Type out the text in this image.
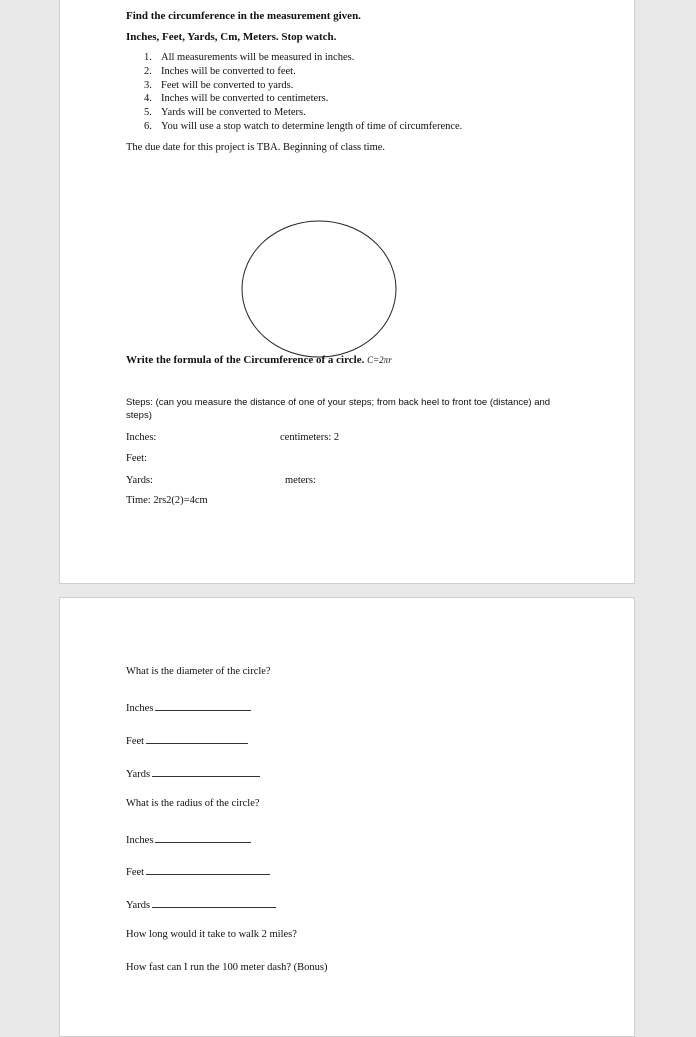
Find the circumference in the measurement given.
Inches, Feet, Yards, Cm, Meters. Stop watch.
1. All measurements will be measured in inches.
2. Inches will be converted to feet.
3. Feet will be converted to yards.
4. Inches will be converted to centimeters.
5. Yards will be converted to Meters.
6. You will use a stop watch to determine length of time of circumference.
The due date for this project is TBA. Beginning of class time.
Write the formula of the Circumference of a circle. C=2πr
Steps: (can you measure the distance of one of your steps; from back heel to front toe (distance) and
steps)
Inches:	centimeters: 2
Feet:
Yards:	meters:
Time: 2rs2(2)=4cm
What is the diameter of the circle?
Inches
Feet
Yards
What is the radius of the circle?
Inches
Feet
Yards
How long would it take to walk 2 miles?
How fast can I run the 100 meter dash? (Bonus)
